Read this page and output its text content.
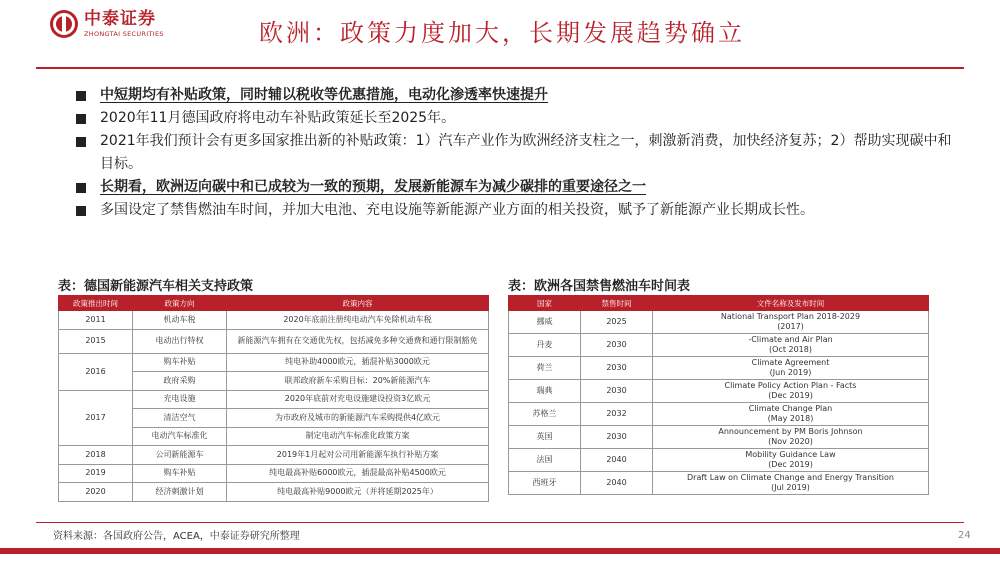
中泰证券
ZHONGTAI SECURITIES	欧洲：政策力度加大，长期发展趋势确立
中短期均有补贴政策，同时辅以税收等优惠措施，电动化渗透率快速提升
2020年11月德国政府将电动车补贴政策延长至2025年。
2021年我们预计会有更多国家推出新的补贴政策：1）汽车产业作为欧洲经济支柱之一，刺激新消费，加快经济复苏；2）帮助实现碳中和目标。
长期看，欧洲迈向碳中和已成较为一致的预期，发展新能源车为减少碳排的重要途径之一
多国设定了禁售燃油车时间，并加大电池、充电设施等新能源产业方面的相关投资，赋予了新能源产业长期成长性。
表：德国新能源汽车相关支持政策
政策推出时间	政策方向	政策内容
2011	机动车税	2020年底前注册纯电动汽车免除机动车税
2015	电动出行特权	新能源汽车拥有在交通优先权，包括减免多种交通费和通行限制豁免
2016	购车补贴	纯电补助4000欧元，插混补贴3000欧元
	政府采购	联邦政府新车采购目标：20%新能源汽车
2017	充电设施	2020年底前对充电设施建设投资3亿欧元
	清洁空气	为市政府及城市的新能源汽车采购提供4亿欧元
	电动汽车标准化	制定电动汽车标准化政策方案
2018	公司新能源车	2019年1月起对公司用新能源车执行补贴方案
2019	购车补贴	纯电最高补贴6000欧元，插混最高补贴4500欧元
2020	经济刺激计划	纯电最高补贴9000欧元（并将延期2025年）
表：欧洲各国禁售燃油车时间表
国家	禁售时间	文件名称及发布时间
挪威	2025	National Transport Plan 2018-2029
(2017)

丹麦	2030	-Climate and Air Plan
(Oct 2018)

荷兰	2030	Climate Agreement
(Jun 2019)

瑞典	2030	Climate Policy Action Plan - Facts
(Dec 2019)

苏格兰	2032	Climate Change Plan
(May 2018)

英国	2030	Announcement by PM Boris Johnson
(Nov 2020)

法国	2040	Mobility Guidance Law
(Dec 2019)

西班牙	2040	Draft Law on Climate Change and Energy Transition
(Jul 2019)
资料来源：各国政府公告，ACEA，中泰证券研究所整理	24
